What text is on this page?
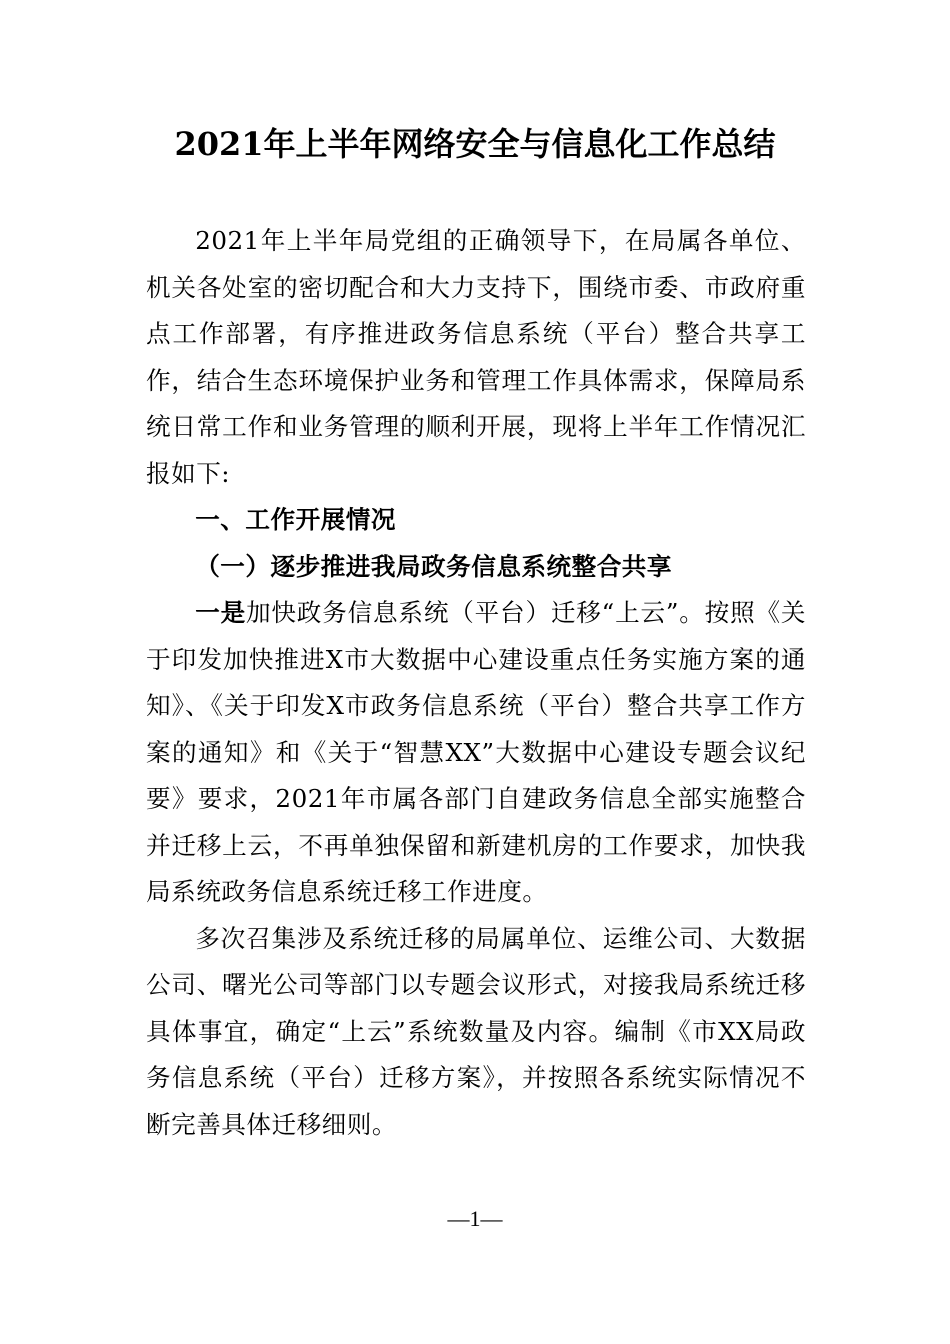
2021年上半年网络安全与信息化工作总结

2021年上半年局党组的正确领导下，在局属各单位、机关各处室的密切配合和大力支持下，围绕市委、市政府重点工作部署，有序推进政务信息系统（平台）整合共享工作，结合生态环境保护业务和管理工作具体需求，保障局系统日常工作和业务管理的顺利开展，现将上半年工作情况汇报如下:

一、工作开展情况

（一）逐步推进我局政务信息系统整合共享

一是加快政务信息系统（平台）迁移“上云”。按照《关于印发加快推进X市大数据中心建设重点任务实施方案的通知》、《关于印发X市政务信息系统（平台）整合共享工作方案的通知》和《关于“智慧XX”大数据中心建设专题会议纪要》要求，2021年市属各部门自建政务信息全部实施整合并迁移上云，不再单独保留和新建机房的工作要求，加快我局系统政务信息系统迁移工作进度。

多次召集涉及系统迁移的局属单位、运维公司、大数据公司、曙光公司等部门以专题会议形式，对接我局系统迁移具体事宜，确定“上云”系统数量及内容。编制《市XX局政务信息系统（平台）迁移方案》，并按照各系统实际情况不断完善具体迁移细则。

—1—
